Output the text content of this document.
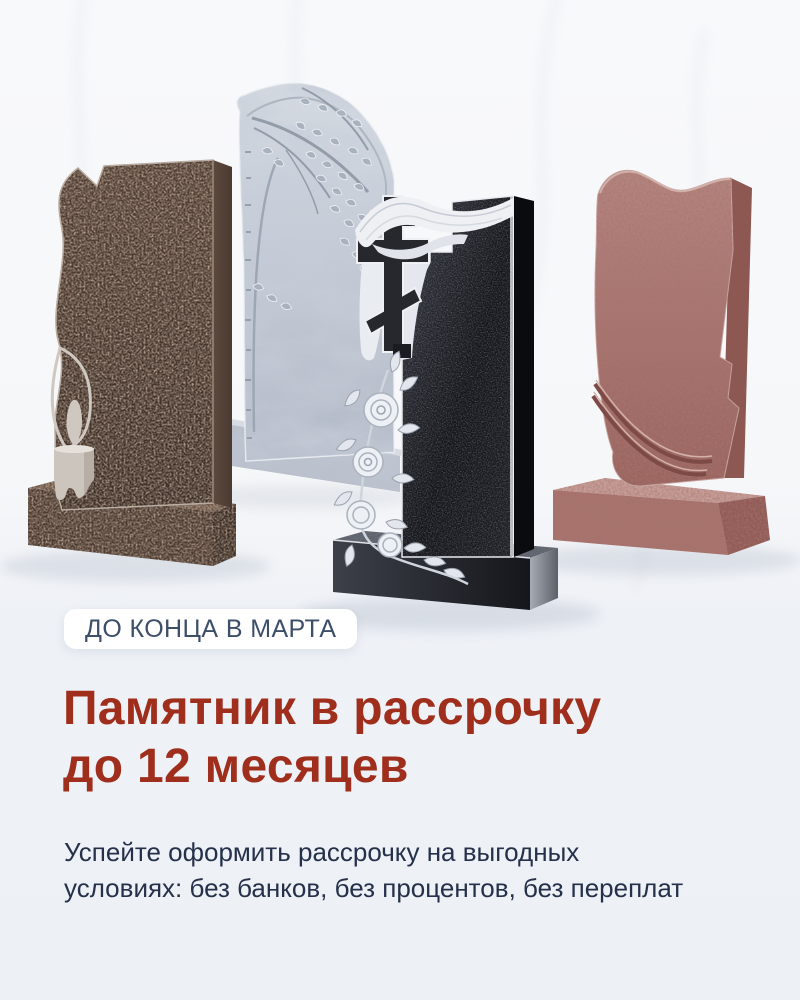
ДО КОНЦА В МАРТА
Памятник в рассрочку
до 12 месяцев
Успейте оформить рассрочку на выгодных
условиях: без банков, без процентов, без переплат
